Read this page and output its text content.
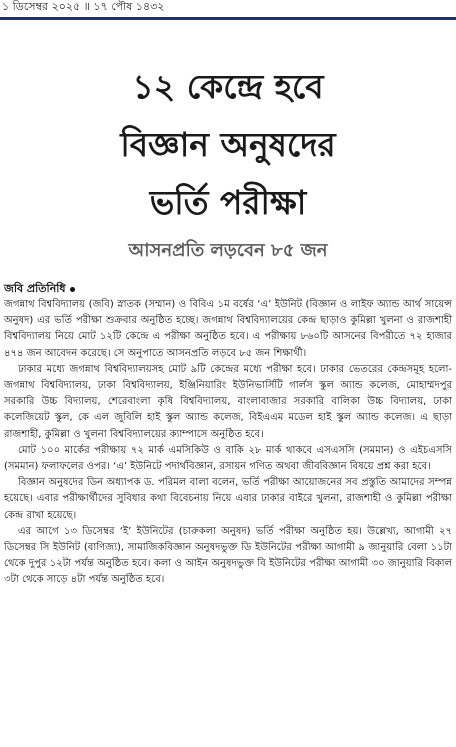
১ ডিসেম্বর ২০২৫ ॥ ১৭ পৌষ ১৪৩২
১২ কেন্দ্রে হবে
বিজ্ঞান অনুষদের
ভর্তি পরীক্ষা
আসনপ্রতি লড়বেন ৮৫ জন
জবি প্রতিনিধি

জগন্নাথ বিশ্ববিদ্যালয় (জবি) স্নাতক (সম্মান) ও বিবিএ ১ম বর্ষের ‘এ’ ইউনিট (বিজ্ঞান ও লাইফ অ্যান্ড আর্থ সায়েন্স অনুষদ) এর ভর্তি পরীক্ষা শুক্রবার অনুষ্ঠিত হচ্ছে। জগন্নাথ বিশ্ববিদ্যালয়ের কেন্দ্র ছাড়াও কুমিল্লা খুলনা ও রাজশাহী বিশ্ববিদ্যালয় নিয়ে মোট ১২টি কেন্দ্রে এ পরীক্ষা অনুষ্ঠিত হবে। এ পরীক্ষায় ৮৬০টি আসনের বিপরীতে ৭২ হাজার ৪৭৪ জন আবেদন করেছে। সে অনুপাতে আসনপ্রতি লড়বে ৮৫ জন শিক্ষার্থী।

ঢাকার মধ্যে জগন্নাথ বিশ্ববিদ্যালয়সহ মোট ৯টি কেন্দ্রের মধ্যে পরীক্ষা হবে। ঢাকার ভেতরের কেন্দ্রসমূহ হলো- জগন্নাথ বিশ্ববিদ্যালয়, ঢাকা বিশ্ববিদ্যালয়, ইঞ্জিনিয়ারিং ইউনিভার্সিটি গার্লস স্কুল অ্যান্ড কলেজ, মোহাম্মদপুর সরকারি উচ্চ বিদ্যালয়, শেরেবাংলা কৃষি বিশ্ববিদ্যালয়, বাংলাবাজার সরকারি বালিকা উচ্চ বিদ্যালয়, ঢাকা কলেজিয়েট স্কুল, কে এল জুবিলি হাই স্কুল অ্যান্ড কলেজ, বিইএএম মডেল হাই স্কুল অ্যান্ড কলেজ। এ ছাড়া রাজশাহী, কুমিল্লা ও খুলনা বিশ্ববিদ্যালয়ের ক্যাম্পাসে অনুষ্ঠিত হবে।

মোট ১০০ মার্কের পরীক্ষায় ৭২ মার্ক এমসিকিউ ও বাকি ২৮ মার্ক থাকবে এসএসসি (সমমান) ও এইচএসসি (সমমান) ফলাফলের ওপর। ‘এ’ ইউনিটে পদার্থবিজ্ঞান, রসায়ন গণিত অথবা জীববিজ্ঞান বিষয়ে প্রশ্ন করা হবে।

বিজ্ঞান অনুষদের ডিন অধ্যাপক ড. পরিমল বালা বলেন, ভর্তি পরীক্ষা আয়োজনের সব প্রস্তুতি আমাদের সম্পন্ন হয়েছে। এবার পরীক্ষার্থীদের সুবিধার কথা বিবেচনায় নিয়ে এবার ঢাকার বাইরে খুলনা, রাজশাহী ও কুমিল্লা পরীক্ষা কেন্দ্র রাখা হয়েছে।

এর আগে ১৩ ডিসেম্বর ‘ই’ ইউনিটের (চারুকলা অনুষদ) ভর্তি পরীক্ষা অনুষ্ঠিত হয়। উল্লেখ্য, আগামী ২৭ ডিসেম্বর সি ইউনিট (বাণিজ্য), সামাজিকবিজ্ঞান অনুষদভুক্ত ডি ইউনিটের পরীক্ষা আগামী ৯ জানুয়ারি বেলা ১১টা থেকে দুপুর ১২টা পর্যন্ত অনুষ্ঠিত হবে। কলা ও আইন অনুষদভুক্ত বি ইউনিটের পরীক্ষা আগামী ৩০ জানুয়ারি বিকাল ৩টা থেকে সাড়ে ৪টা পর্যন্ত অনুষ্ঠিত হবে।
